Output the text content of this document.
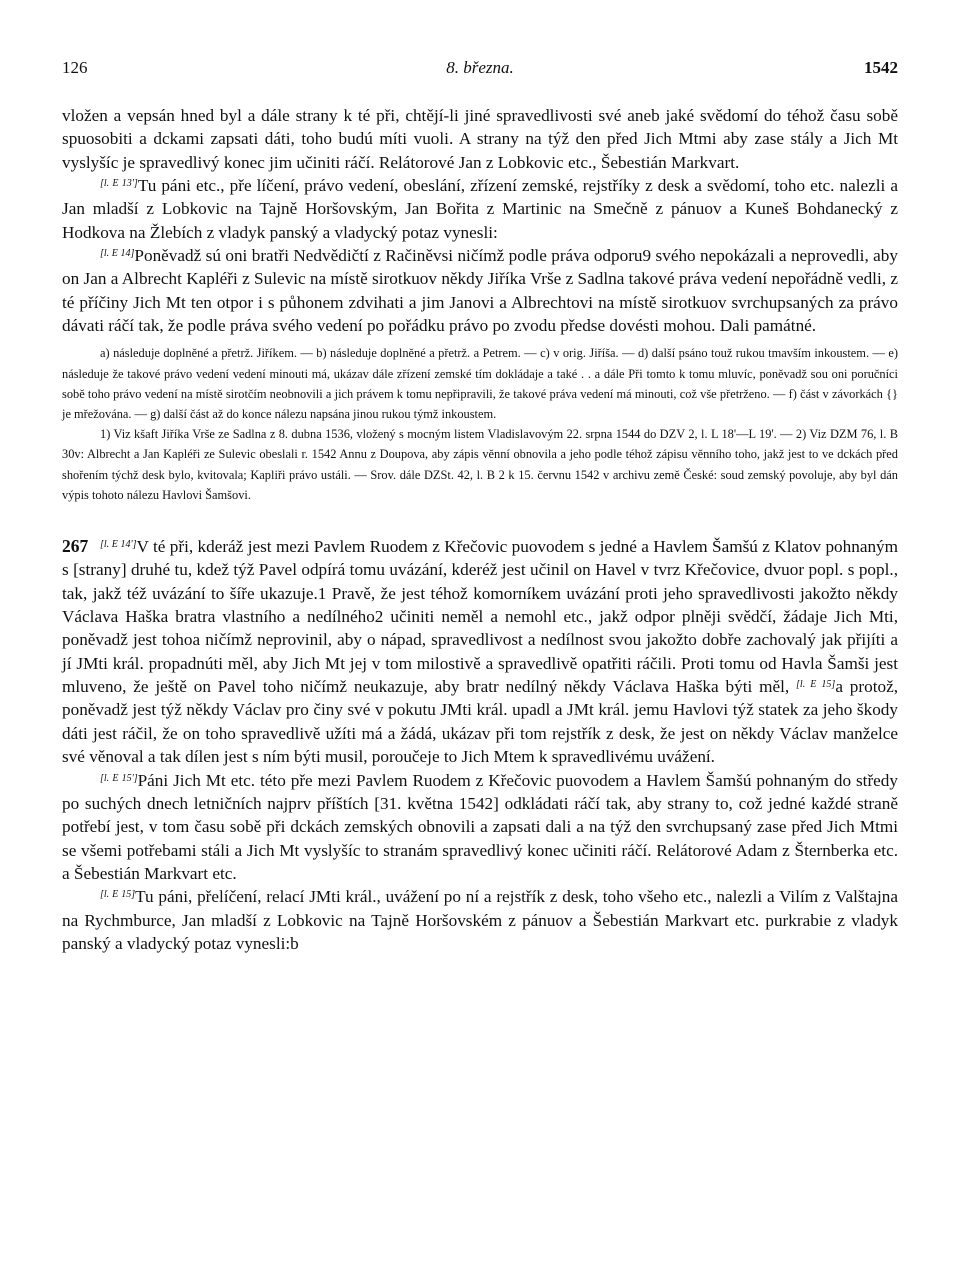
126	8. března.	1542

vložen a vepsán hned byl a dále strany k té při, chtějí-li jiné spravedlivosti své aneb jaké svědomí do téhož času sobě spuosobiti a dckami zapsati dáti, toho budú míti vuoli. A strany na týž den před Jich Mtmi aby zase stály a Jich Mt vyslyšíc je spravedlivý konec jim učiniti ráčí. Relátorové Jan z Lobkovic etc., Šebestián Markvart.

[l. E 13']Tu páni etc., pře líčení, právo vedení, obeslání, zřízení zemské, rejstříky z desk a svědomí, toho etc. nalezli a Jan mladší z Lobkovic na Tajně Horšovským, Jan Bořita z Martinic na Smečně z pánuov a Kuneš Bohdanecký z Hodkova na Žlebích z vladyk panský a vladycký potaz vynesli:

[l. E 14]Poněvadž sú oni bratři Nedvědičtí z Račiněvsi ničímž podle práva odporu9 svého nepokázali a neprovedli, aby on Jan a Albrecht Kapléři z Sulevic na místě sirotkuov někdy Jiříka Vrše z Sadlna takové práva vedení nepořádně vedli, z té příčiny Jich Mt ten otpor i s půhonem zdvihati a jim Janovi a Albrechtovi na místě sirotkuov svrchupsaných za právo dávati ráčí tak, že podle práva svého vedení po pořádku právo po zvodu předse dovésti mohou. Dali památné.

a) následuje doplněné a přetrž. Jiříkem. — b) následuje doplněné a přetrž. a Petrem. — c) v orig. Jiříša. — d) další psáno touž rukou tmavším inkoustem. — e) následuje že takové právo vedení vedení minouti má, ukázav dále zřízení zemské tím dokládaje a také . . a dále Při tomto k tomu mluvíc, poněvadž sou oni poručníci sobě toho právo vedení na místě sirotčím neobnovili a jich právem k tomu nepřipravili, že takové práva vedení má minouti, což vše přetrženo. — f) část v závorkách {} je mřežována. — g) další část až do konce nálezu napsána jinou rukou týmž inkoustem.

1) Viz kšaft Jiříka Vrše ze Sadlna z 8. dubna 1536, vložený s mocným listem Vladislavovým 22. srpna 1544 do DZV 2, l. L 18'—L 19'. — 2) Viz DZM 76, l. B 30v: Albrecht a Jan Kapléři ze Sulevic obeslali r. 1542 Annu z Doupova, aby zápis věnní obnovila a jeho podle téhož zápisu věnního toho, jakž jest to ve dckách před shořením týchž desk bylo, kvitovala; Kapliři právo ustáli. — Srov. dále DZSt. 42, l. B 2 k 15. červnu 1542 v archivu země České: soud zemský povoluje, aby byl dán výpis tohoto nálezu Havlovi Šamšovi.

267 [l. E 14']V té při, kderáž jest mezi Pavlem Ruodem z Křečovic puovodem s jedné a Havlem Šamšú z Klatov pohnaným s [strany] druhé tu, kdež týž Pavel odpírá tomu uvázání, kderéž jest učinil on Havel v tvrz Křečovice, dvuor popl. s popl., tak, jakž též uvázání to šíře ukazuje.1 Pravě, že jest téhož komorníkem uvázání proti jeho spravedlivosti jakožto někdy Václava Haška bratra vlastního a nedílného2 učiniti neměl a nemohl etc., jakž odpor plněji svědčí, žádaje Jich Mti, poněvadž jest tohoa ničímž neprovinil, aby o nápad, spravedlivost a nedílnost svou jakožto dobře zachovalý jak přijíti a jí JMti král. propadnúti měl, aby Jich Mt jej v tom milostivě a spravedlivě opatřiti ráčili. Proti tomu od Havla Šamši jest mluveno, že ještě on Pavel toho ničímž neukazuje, aby bratr nedílný někdy Václava Haška býti měl, [l. E 15]a protož, poněvadž jest týž někdy Václav pro činy své v pokutu JMti král. upadl a JMt král. jemu Havlovi týž statek za jeho škody dáti jest ráčil, že on toho spravedlivě užíti má a žádá, ukázav při tom rejstřík z desk, že jest on někdy Václav manželce své věnoval a tak dílen jest s ním býti musil, poroučeje to Jich Mtem k spravedlivému uvážení.

[l. E 15']Páni Jich Mt etc. této pře mezi Pavlem Ruodem z Křečovic puovodem a Havlem Šamšú pohnaným do středy po suchých dnech letničních najprv příštích [31. května 1542] odkládati ráčí tak, aby strany to, což jedné každé straně potřebí jest, v tom času sobě při dckách zemských obnovili a zapsati dali a na týž den svrchupsaný zase před Jich Mtmi se všemi potřebami stáli a Jich Mt vyslyšíc to stranám spravedlivý konec učiniti ráčí. Relátorové Adam z Šternberka etc. a Šebestián Markvart etc.

[l. E 15]Tu páni, přelíčení, relací JMti král., uvážení po ní a rejstřík z desk, toho všeho etc., nalezli a Vilím z Valštajna na Rychmburce, Jan mladší z Lobkovic na Tajně Horšovském z pánuov a Šebestián Markvart etc. purkrabie z vladyk panský a vladycký potaz vynesli:b
